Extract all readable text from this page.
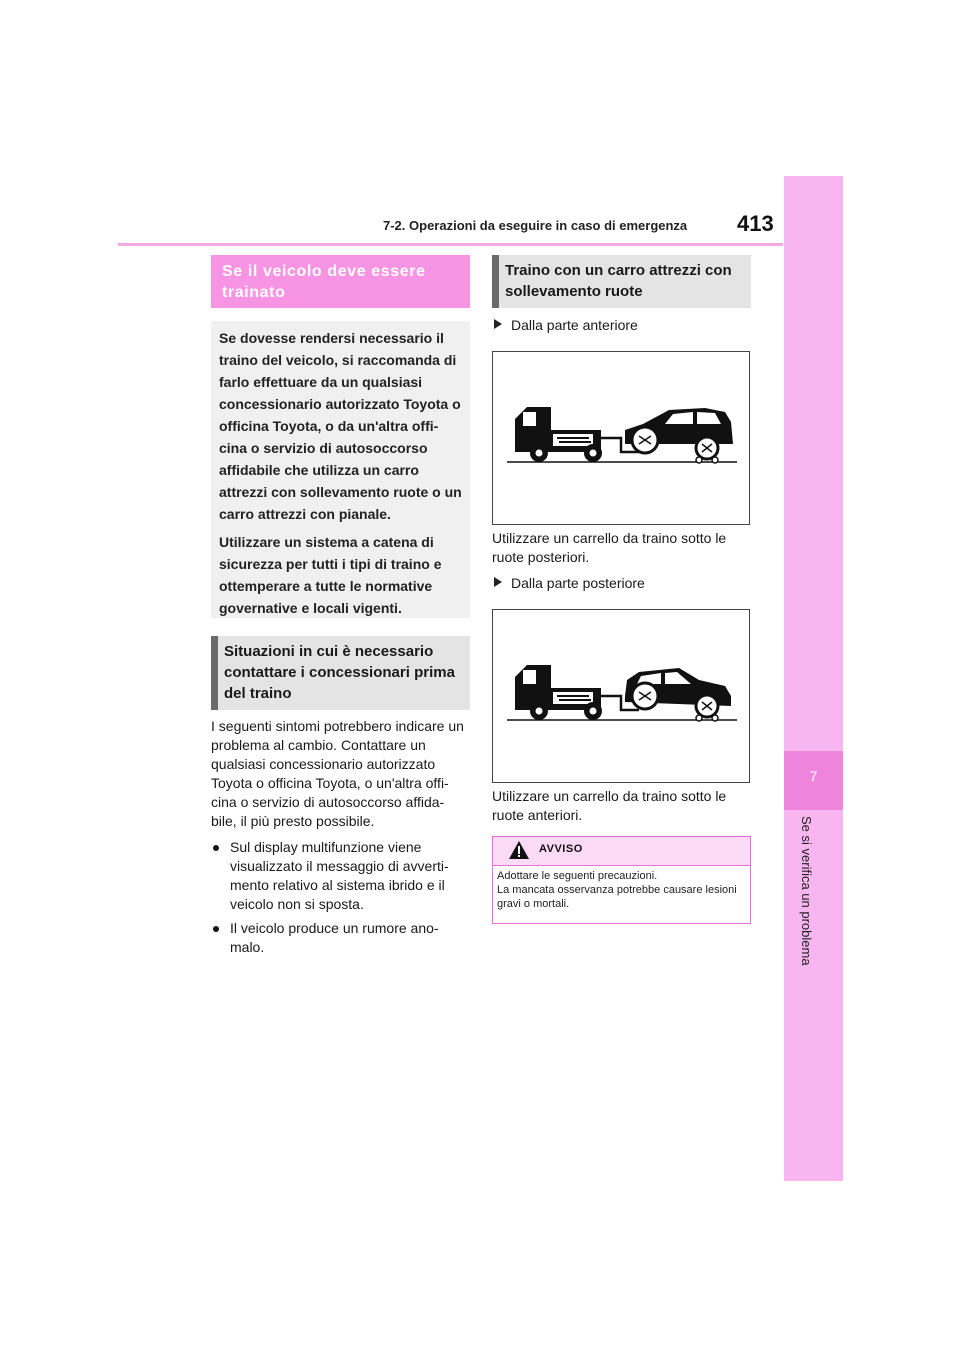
7-2. Operazioni da eseguire in caso di emergenza 413
7
Se si verifica un problema
Se il veicolo deve essere trainato

Se dovesse rendersi necessario il traino del veicolo, si raccomanda di farlo effettuare da un qualsiasi concessionario autorizzato Toyota o officina Toyota, o da un'altra offi- cina o servizio di autosoccorso affidabile che utilizza un carro attrezzi con sollevamento ruote o un carro attrezzi con pianale.

Utilizzare un sistema a catena di sicurezza per tutti i tipi di traino e ottemperare a tutte le normative governative e locali vigenti.

Situazioni in cui è necessario contattare i concessionari prima del traino
I seguenti sintomi potrebbero indicare un problema al cambio. Contattare un qualsiasi concessionario autorizzato Toyota o officina Toyota, o un'altra offi- cina o servizio di autosoccorso affida- bile, il più presto possibile.
Sul display multifunzione viene visualizzato il messaggio di avverti- mento relativo al sistema ibrido e il veicolo non si sposta.
Il veicolo produce un rumore ano- malo.
Traino con un carro attrezzi con sollevamento ruote
Dalla parte anteriore
Utilizzare un carrello da traino sotto le ruote posteriori.
Dalla parte posteriore
Utilizzare un carrello da traino sotto le ruote anteriori.
AVVISO
Adottare le seguenti precauzioni.
La mancata osservanza potrebbe causare lesioni gravi o mortali.
